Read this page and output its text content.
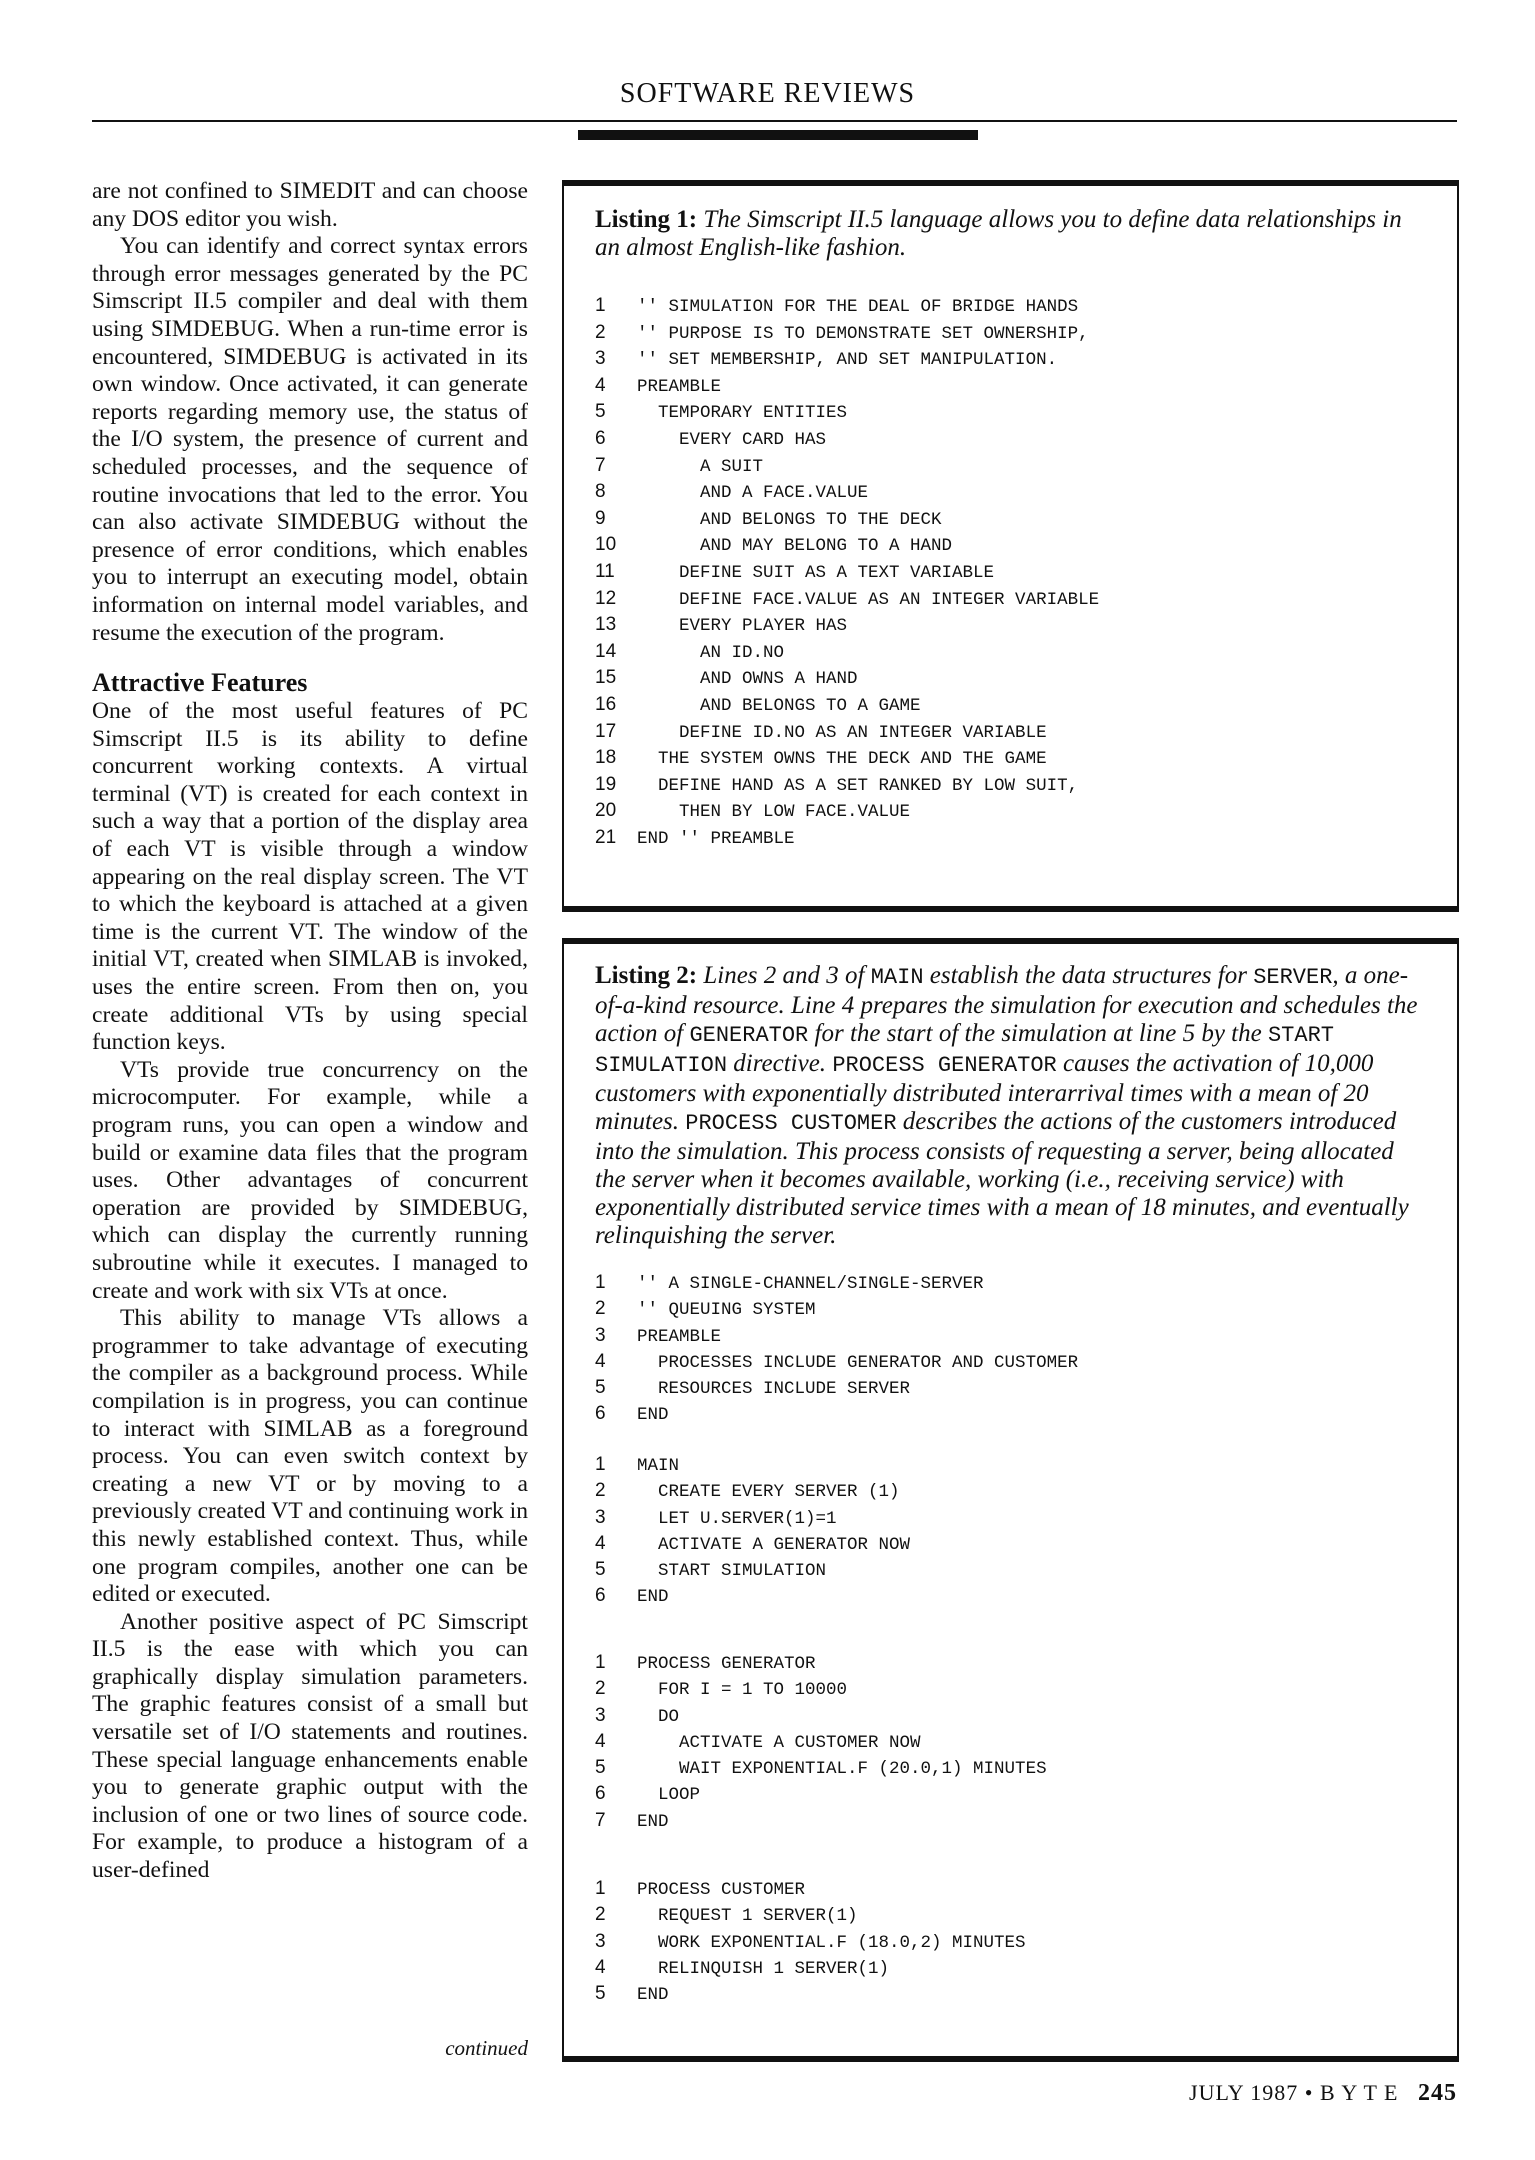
SOFTWARE REVIEWS

are not confined to SIMEDIT and can choose any DOS editor you wish.

You can identify and correct syntax errors through error messages generated by the PC Simscript II.5 compiler and deal with them using SIMDEBUG. When a run-time error is encountered, SIMDEBUG is activated in its own window. Once activated, it can generate reports regarding memory use, the status of the I/O system, the presence of current and scheduled processes, and the sequence of routine invocations that led to the error. You can also activate SIMDEBUG without the presence of error conditions, which enables you to interrupt an executing model, obtain information on internal model variables, and resume the execution of the program.

Attractive Features

One of the most useful features of PC Simscript II.5 is its ability to define concurrent working contexts. A virtual terminal (VT) is created for each context in such a way that a portion of the display area of each VT is visible through a window appearing on the real display screen. The VT to which the keyboard is attached at a given time is the current VT. The window of the initial VT, created when SIMLAB is invoked, uses the entire screen. From then on, you create additional VTs by using special function keys.

VTs provide true concurrency on the microcomputer. For example, while a program runs, you can open a window and build or examine data files that the program uses. Other advantages of concurrent operation are provided by SIMDEBUG, which can display the currently running subroutine while it executes. I managed to create and work with six VTs at once.

This ability to manage VTs allows a programmer to take advantage of executing the compiler as a background process. While compilation is in progress, you can continue to interact with SIMLAB as a foreground process. You can even switch context by creating a new VT or by moving to a previously created VT and continuing work in this newly established context. Thus, while one program compiles, another one can be edited or executed.

Another positive aspect of PC Simscript II.5 is the ease with which you can graphically display simulation parameters. The graphic features consist of a small but versatile set of I/O statements and routines. These special language enhancements enable you to generate graphic output with the inclusion of one or two lines of source code. For example, to produce a histogram of a user-defined

continued
Listing 1: The Simscript II.5 language allows you to define data relationships in an almost English-like fashion.
1 '' SIMULATION FOR THE DEAL OF BRIDGE HANDS
2 '' PURPOSE IS TO DEMONSTRATE SET OWNERSHIP,
3 '' SET MEMBERSHIP, AND SET MANIPULATION.
4 PREAMBLE
5  TEMPORARY ENTITIES
6    EVERY CARD HAS
7      A SUIT
8      AND A FACE.VALUE
9      AND BELONGS TO THE DECK
10      AND MAY BELONG TO A HAND
11    DEFINE SUIT AS A TEXT VARIABLE
12    DEFINE FACE.VALUE AS AN INTEGER VARIABLE
13    EVERY PLAYER HAS
14      AN ID.NO
15      AND OWNS A HAND
16      AND BELONGS TO A GAME
17    DEFINE ID.NO AS AN INTEGER VARIABLE
18  THE SYSTEM OWNS THE DECK AND THE GAME
19  DEFINE HAND AS A SET RANKED BY LOW SUIT,
20    THEN BY LOW FACE.VALUE
21 END '' PREAMBLE
Listing 2: Lines 2 and 3 of MAIN establish the data structures for SERVER, a one-of-a-kind resource. Line 4 prepares the simulation for execution and schedules the action of GENERATOR for the start of the simulation at line 5 by the START SIMULATION directive. PROCESS GENERATOR causes the activation of 10,000 customers with exponentially distributed interarrival times with a mean of 20 minutes. PROCESS CUSTOMER describes the actions of the customers introduced into the simulation. This process consists of requesting a server, being allocated the server when it becomes available, working (i.e., receiving service) with exponentially distributed service times with a mean of 18 minutes, and eventually relinquishing the server.
1 '' A SINGLE-CHANNEL/SINGLE-SERVER
2 '' QUEUING SYSTEM
3 PREAMBLE
4  PROCESSES INCLUDE GENERATOR AND CUSTOMER
5  RESOURCES INCLUDE SERVER
6 END
1 MAIN
2  CREATE EVERY SERVER (1)
3  LET U.SERVER(1)=1
4  ACTIVATE A GENERATOR NOW
5  START SIMULATION
6 END
1 PROCESS GENERATOR
2  FOR I = 1 TO 10000
3  DO
4    ACTIVATE A CUSTOMER NOW
5    WAIT EXPONENTIAL.F (20.0,1) MINUTES
6  LOOP
7 END
1 PROCESS CUSTOMER
2  REQUEST 1 SERVER(1)
3  WORK EXPONENTIAL.F (18.0,2) MINUTES
4  RELINQUISH 1 SERVER(1)
5 END
JULY 1987 • B Y T E 245
